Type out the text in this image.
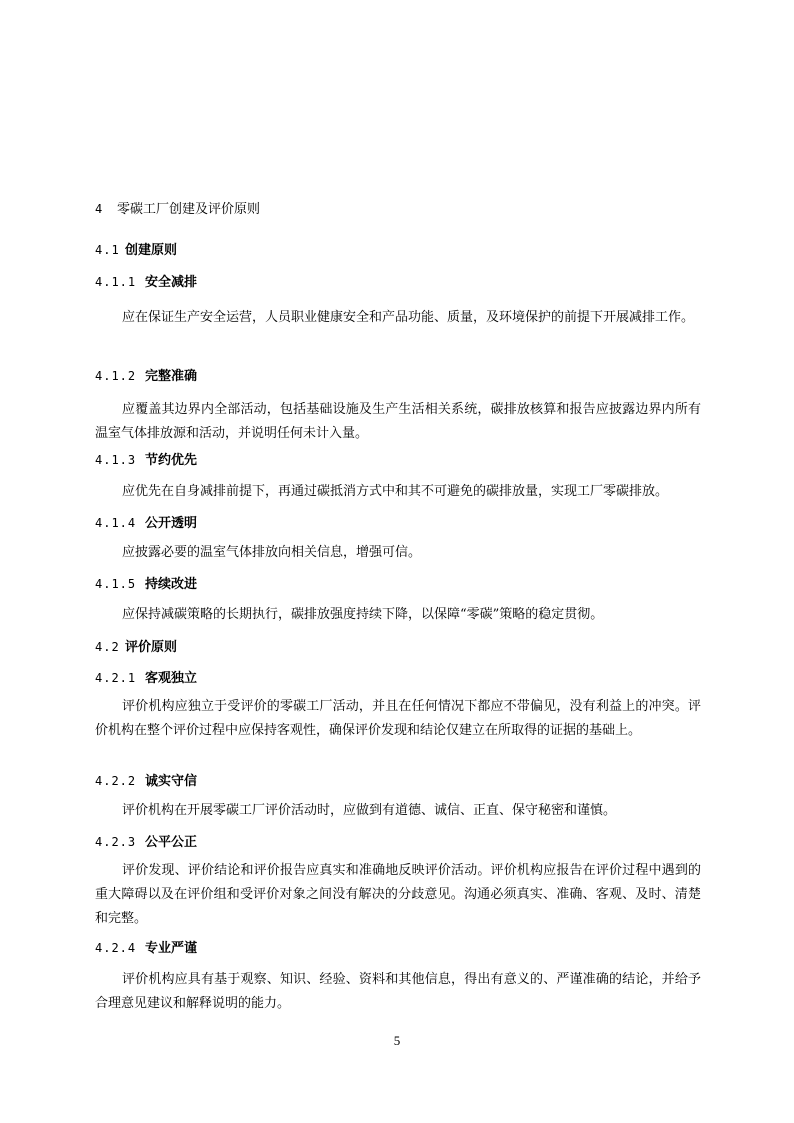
4 零碳工厂创建及评价原则
4.1 创建原则
4.1.1 安全减排
应在保证生产安全运营，人员职业健康安全和产品功能、质量，及环境保护的前提下开展减排工作。
4.1.2 完整准确
应覆盖其边界内全部活动，包括基础设施及生产生活相关系统，碳排放核算和报告应披露边界内所有温室气体排放源和活动，并说明任何未计入量。
4.1.3 节约优先
应优先在自身减排前提下，再通过碳抵消方式中和其不可避免的碳排放量，实现工厂零碳排放。
4.1.4 公开透明
应披露必要的温室气体排放向相关信息，增强可信。
4.1.5 持续改进
应保持减碳策略的长期执行，碳排放强度持续下降，以保障“零碳”策略的稳定贯彻。
4.2 评价原则
4.2.1 客观独立
评价机构应独立于受评价的零碳工厂活动，并且在任何情况下都应不带偏见，没有利益上的冲突。评价机构在整个评价过程中应保持客观性，确保评价发现和结论仅建立在所取得的证据的基础上。
4.2.2 诚实守信
评价机构在开展零碳工厂评价活动时，应做到有道德、诚信、正直、保守秘密和谨慎。
4.2.3 公平公正
评价发现、评价结论和评价报告应真实和准确地反映评价活动。评价机构应报告在评价过程中遇到的重大障碍以及在评价组和受评价对象之间没有解决的分歧意见。沟通必须真实、准确、客观、及时、清楚和完整。
4.2.4 专业严谨
评价机构应具有基于观察、知识、经验、资料和其他信息，得出有意义的、严谨准确的结论，并给予合理意见建议和解释说明的能力。
5
